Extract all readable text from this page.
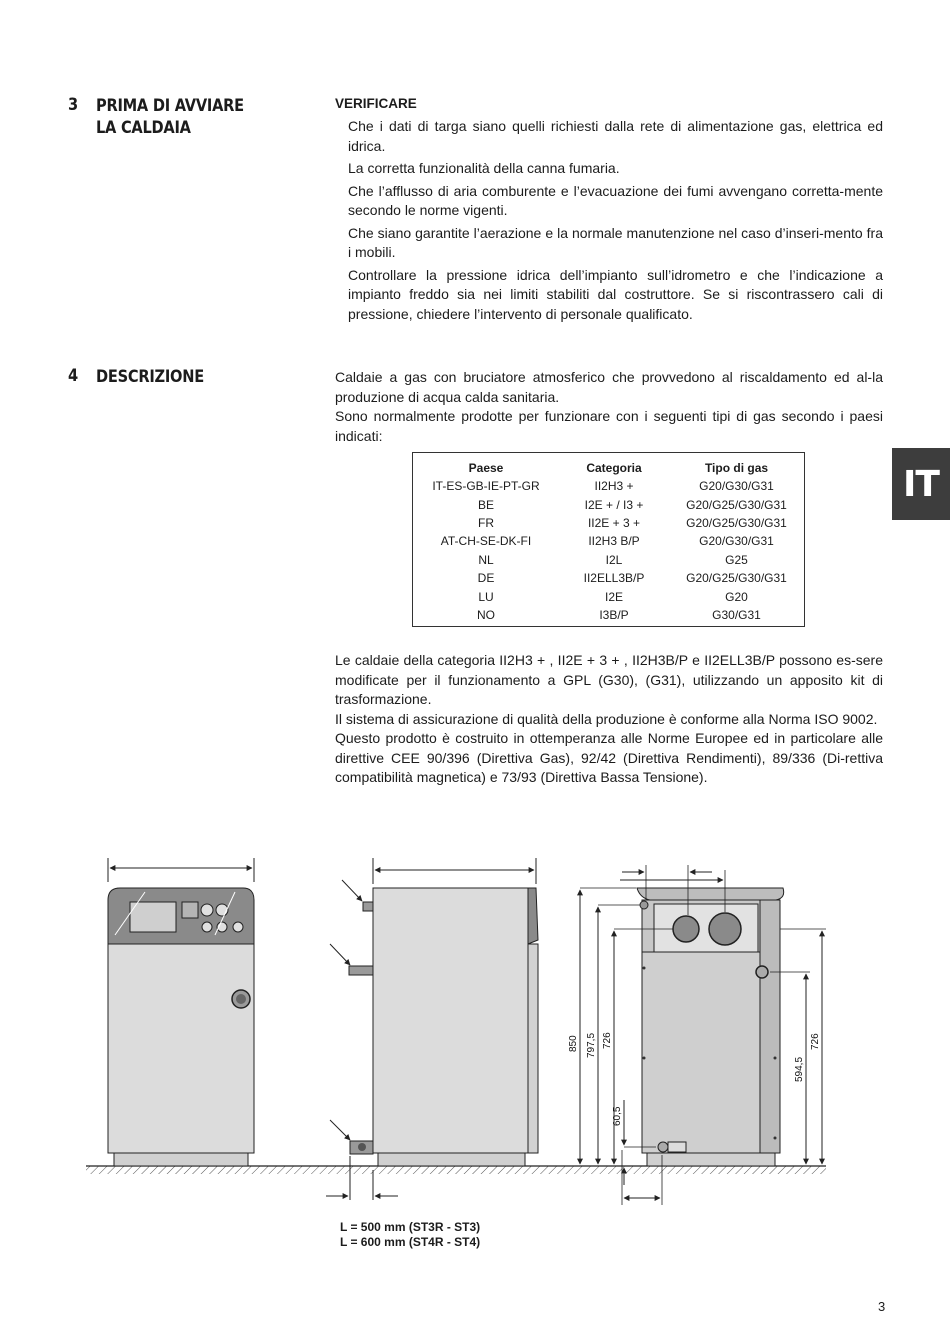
3 PRIMA DI AVVIARE
LA CALDAIA
VERIFICARE

Che i dati di targa siano quelli richiesti dalla rete di alimentazione gas, elettrica ed idrica.

La corretta funzionalità della canna fumaria.

Che l’afflusso di aria comburente e l’evacuazione dei fumi avvengano corretta-mente secondo le norme vigenti.

Che siano garantite l’aerazione e la normale manutenzione nel caso d’inseri-mento fra i mobili.

Controllare la pressione idrica dell’impianto sull’idrometro e che l’indicazione a impianto freddo sia nei limiti stabiliti dal costruttore. Se si riscontrassero cali di pressione, chiedere l’intervento di personale qualificato.

4 DESCRIZIONE	Caldaie a gas con bruciatore atmosferico che provvedono al riscaldamento ed al-la produzione di acqua calda sanitaria.
Sono normalmente prodotte per funzionare con i seguenti tipi di gas secondo i paesi indicati:
Paese	Categoria	Tipo di gas
IT-ES-GB-IE-PT-GR	II2H3 +	G20/G30/G31
BE	I2E + / I3 +	G20/G25/G30/G31
FR	II2E + 3 +	G20/G25/G30/G31
AT-CH-SE-DK-FI	II2H3 B/P	G20/G30/G31
NL	I2L	G25
DE	II2ELL3B/P	G20/G25/G30/G31
LU	I2E	G20
NO	I3B/P	G30/G31
Le caldaie della categoria II2H3 + , II2E + 3 + , II2H3B/P e II2ELL3B/P possono es-sere modificate per il funzionamento a GPL (G30), (G31), utilizzando un apposito kit di trasformazione.
Il sistema di assicurazione di qualità della produzione è conforme alla Norma ISO 9002.
Questo prodotto è costruito in ottemperanza alle Norme Europee ed in particolare alle direttive CEE 90/396 (Direttiva Gas), 92/42 (Direttiva Rendimenti), 89/336 (Di-rettiva compatibilità magnetica) e 73/93 (Direttiva Bassa Tensione).
IT
850 797,5 726
60,5
594,5
726
L = 500 mm (ST3R - ST3)
L = 600 mm (ST4R - ST4)
3
